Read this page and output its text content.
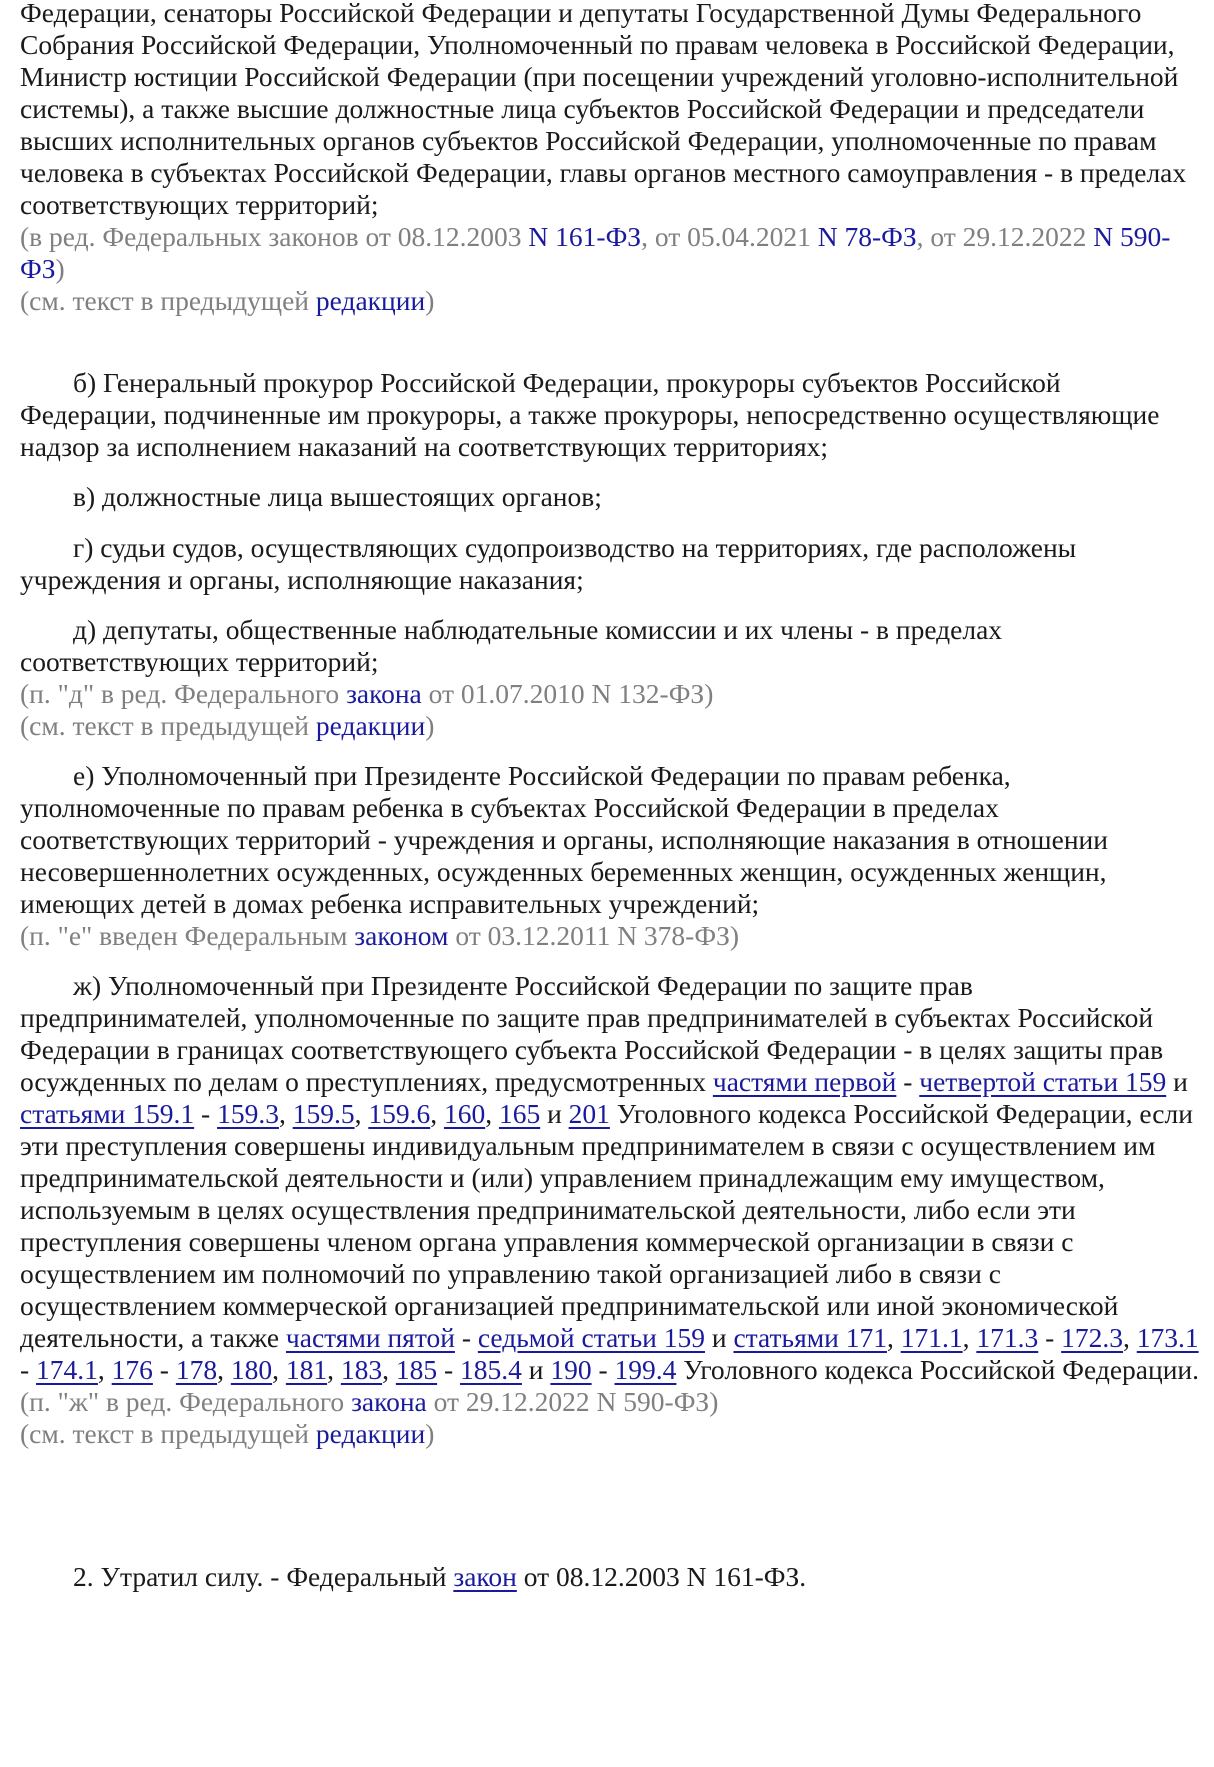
Федерации, сенаторы Российской Федерации и депутаты Государственной Думы Федерального Собрания Российской Федерации, Уполномоченный по правам человека в Российской Федерации, Министр юстиции Российской Федерации (при посещении учреждений уголовно-исполнительной системы), а также высшие должностные лица субъектов Российской Федерации и председатели высших исполнительных органов субъектов Российской Федерации, уполномоченные по правам человека в субъектах Российской Федерации, главы органов местного самоуправления - в пределах соответствующих территорий;

(в ред. Федеральных законов от 08.12.2003 N 161-ФЗ, от 05.04.2021 N 78-ФЗ, от 29.12.2022 N 590-ФЗ)

(см. текст в предыдущей редакции)

б) Генеральный прокурор Российской Федерации, прокуроры субъектов Российской Федерации, подчиненные им прокуроры, а также прокуроры, непосредственно осуществляющие надзор за исполнением наказаний на соответствующих территориях;

в) должностные лица вышестоящих органов;

г) судьи судов, осуществляющих судопроизводство на территориях, где расположены учреждения и органы, исполняющие наказания;

д) депутаты, общественные наблюдательные комиссии и их члены - в пределах соответствующих территорий;

(п. "д" в ред. Федерального закона от 01.07.2010 N 132-ФЗ)

(см. текст в предыдущей редакции)

е) Уполномоченный при Президенте Российской Федерации по правам ребенка, уполномоченные по правам ребенка в субъектах Российской Федерации в пределах соответствующих территорий - учреждения и органы, исполняющие наказания в отношении несовершеннолетних осужденных, осужденных беременных женщин, осужденных женщин, имеющих детей в домах ребенка исправительных учреждений;

(п. "е" введен Федеральным законом от 03.12.2011 N 378-ФЗ)

ж) Уполномоченный при Президенте Российской Федерации по защите прав предпринимателей, уполномоченные по защите прав предпринимателей в субъектах Российской Федерации в границах соответствующего субъекта Российской Федерации - в целях защиты прав осужденных по делам о преступлениях, предусмотренных частями первой - четвертой статьи 159 и статьями 159.1 - 159.3, 159.5, 159.6, 160, 165 и 201 Уголовного кодекса Российской Федерации, если эти преступления совершены индивидуальным предпринимателем в связи с осуществлением им предпринимательской деятельности и (или) управлением принадлежащим ему имуществом, используемым в целях осуществления предпринимательской деятельности, либо если эти преступления совершены членом органа управления коммерческой организации в связи с осуществлением им полномочий по управлению такой организацией либо в связи с осуществлением коммерческой организацией предпринимательской или иной экономической деятельности, а также частями пятой - седьмой статьи 159 и статьями 171, 171.1, 171.3 - 172.3, 173.1 - 174.1, 176 - 178, 180, 181, 183, 185 - 185.4 и 190 - 199.4 Уголовного кодекса Российской Федерации.

(п. "ж" в ред. Федерального закона от 29.12.2022 N 590-ФЗ)

(см. текст в предыдущей редакции)

2. Утратил силу. - Федеральный закон от 08.12.2003 N 161-ФЗ.
